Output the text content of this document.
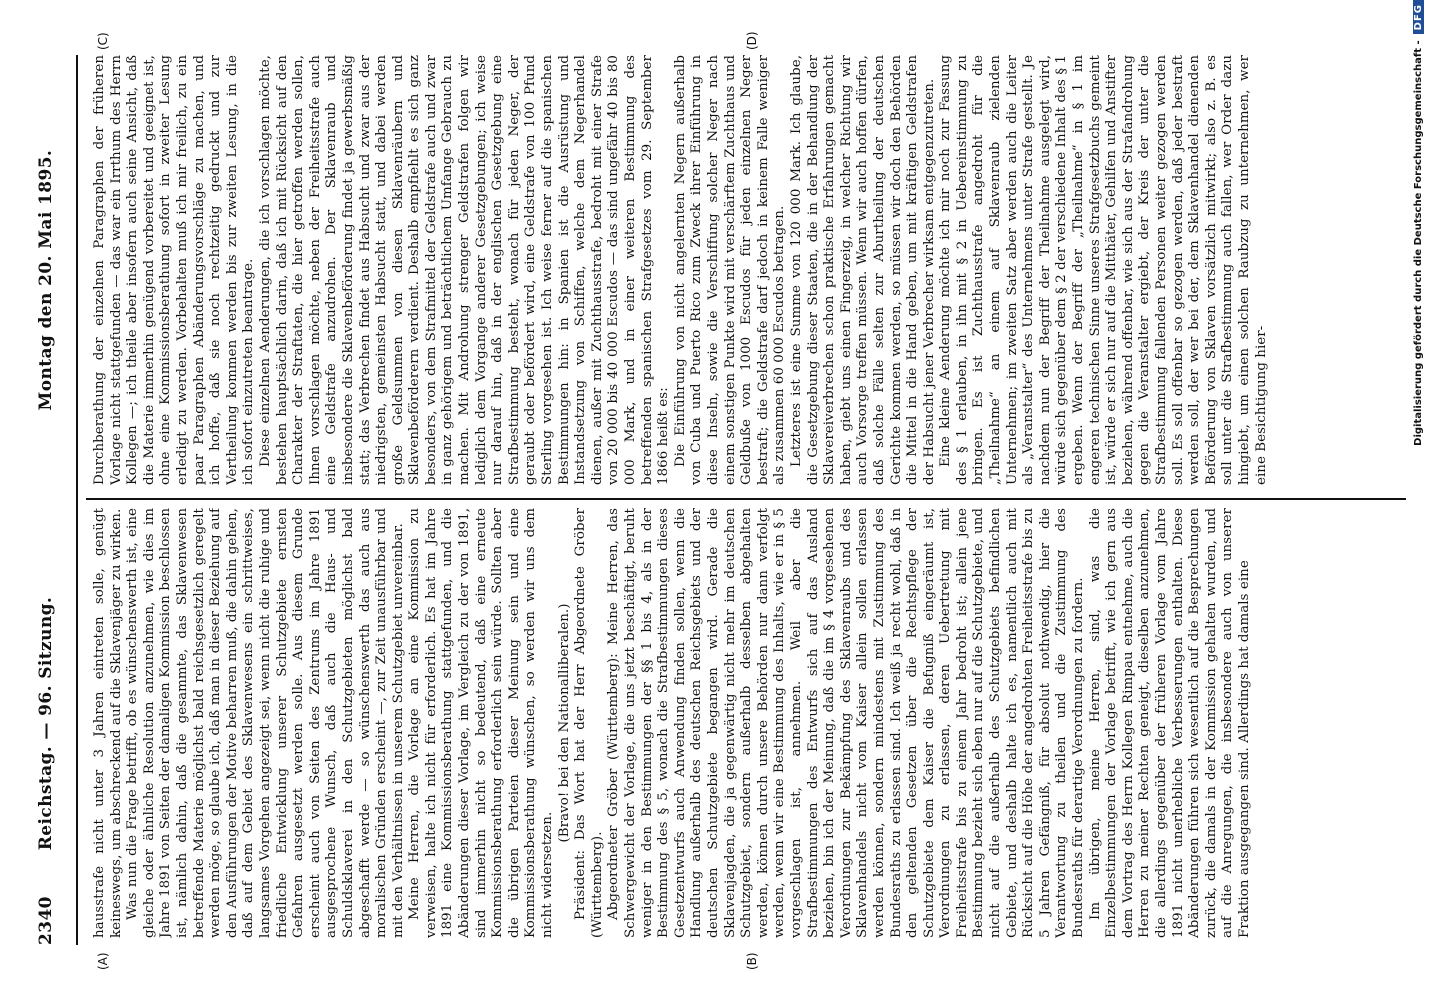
2340
Reichstag. — 96. Sitzung. Montag den 20. Mai 1895.
(A)	(B)
(C)	(D)

hausstrafe nicht unter 3 Jahren eintreten solle, genügt keineswegs, um abschreckend auf die Sklavenjäger zu wirken. Was nun die Frage betrifft, ob es wünschenswerth ist, eine gleiche oder ähnliche Resolution anzunehmen, wie dies im Jahre 1891 von Seiten der damaligen Kommission beschlossen ist, nämlich dahin, daß die gesammte, das Sklavenwesen betreffende Materie möglichst bald reichsgesetzlich geregelt werden möge, so glaube ich, daß man in dieser Beziehung auf den Ausführungen der Motive beharren muß, die dahin gehen, daß auf dem Gebiet des Sklavenwesens ein schrittweises, langsames Vorgehen angezeigt sei, wenn nicht die ruhige und friedliche Entwicklung unserer Schutzgebiete ernsten Gefahren ausgesetzt werden solle. Aus diesem Grunde erscheint auch von Seiten des Zentrums im Jahre 1891 ausgesprochene Wunsch, daß auch die Haus- und Schuldsklaverei in den Schutzgebieten möglichst bald abgeschafft werde — so wünschenswerth das auch aus moralischen Gründen erscheint —, zur Zeit unausführbar und mit den Verhältnissen in unserem Schutzgebiet unvereinbar. Meine Herren, die Vorlage an eine Kommission zu verweisen, halte ich nicht für erforderlich. Es hat im Jahre 1891 eine Kommissionsberathung stattgefunden, und die Abänderungen dieser Vorlage, im Vergleich zu der von 1891, sind immerhin nicht so bedeutend, daß eine erneute Kommissionsberathung erforderlich sein würde. Sollten aber die übrigen Parteien dieser Meinung sein und eine Kommissionsberathung wünschen, so werden wir uns dem nicht widersetzen.

(Bravo! bei den Nationalliberalen.) Präsident: Das Wort hat der Herr Abgeordnete Gröber (Württemberg). Abgeordneter Gröber (Württemberg): Meine Herren, das Schwergewicht der Vorlage, die uns jetzt beschäftigt, beruht weniger in den Bestimmungen der §§ 1 bis 4, als in der Bestimmung des § 5, wonach die Strafbestimmungen dieses Gesetzentwurfs auch Anwendung finden sollen, wenn die Handlung außerhalb des deutschen Reichsgebiets und der deutschen Schutzgebiete begangen wird. Gerade die Sklavenjagden, die ja gegenwärtig nicht mehr im deutschen Schutzgebiet, sondern außerhalb desselben abgehalten werden, können durch unsere Behörden nur dann verfolgt werden, wenn wir eine Bestimmung des Inhalts, wie er in § 5 vorgeschlagen ist, annehmen. Weil aber die Strafbestimmungen des Entwurfs sich auf das Ausland beziehen, bin ich der Meinung, daß die im § 4 vorgesehenen Verordnungen zur Bekämpfung des Sklavenraubs und des Sklavenhandels nicht vom Kaiser allein sollen erlassen werden können, sondern mindestens mit Zustimmung des Bundesraths zu erlassen sind. Ich weiß ja recht wohl, daß in den geltenden Gesetzen über die Rechtspflege der Schutzgebiete dem Kaiser die Befugniß eingeräumt ist, Verordnungen zu erlassen, deren Uebertretung mit Freiheitsstrafe bis zu einem Jahr bedroht ist; allein jene Bestimmung bezieht sich eben nur auf die Schutzgebiete, und nicht auf die außerhalb des Schutzgebiets befindlichen Gebiete, und deshalb halte ich es, namentlich auch mit Rücksicht auf die Höhe der angedrohten Freiheitsstrafe bis zu 5 Jahren Gefängniß, für absolut nothwendig, hier die Verantwortung zu theilen und die Zustimmung des Bundesraths für derartige Verordnungen zu fordern. Im übrigen, meine Herren, sind, was die Einzelbestimmungen der Vorlage betrifft, wie ich gern aus dem Vortrag des Herrn Kollegen Rimpau entnehme, auch die Herren zu meiner Rechten geneigt, dieselben anzunehmen, die allerdings gegenüber der früheren Vorlage vom Jahre 1891 nicht unerhebliche Verbesserungen enthalten. Diese Abänderungen führen sich wesentlich auf die Besprechungen zurück, die damals in der Kommission gehalten wurden, und auf die Anregungen, die insbesondere auch von unserer Fraktion ausgegangen sind. Allerdings hat damals eine

Durchberathung der einzelnen Paragraphen der früheren Vorlage nicht stattgefunden — das war ein Irrthum des Herrn Kollegen —; ich theile aber insofern auch seine Ansicht, daß die Materie immerhin genügend vorbereitet und geeignet ist, ohne eine Kommissionsberathung sofort in zweiter Lesung erledigt zu werden. Vorbehalten muß ich mir freilich, zu ein paar Paragraphen Abänderungsvorschläge zu machen, und ich hoffe, daß sie noch rechtzeitig gedruckt und zur Vertheilung kommen werden bis zur zweiten Lesung, in die ich sofort einzutreten beantrage. Diese einzelnen Aenderungen, die ich vorschlagen möchte, bestehen hauptsächlich darin, daß ich mit Rücksicht auf den Charakter der Straftaten, die hier getroffen werden sollen, Ihnen vorschlagen möchte, neben der Freiheitsstrafe auch eine Geldstrafe anzudrohen. Der Sklavenraub und insbesondere die Sklavenbeförderung findet ja gewerbsmäßig statt; das Verbrechen findet aus Habsucht und zwar aus der niedrigsten, gemeinsten Habsucht statt, und dabei werden große Geldsummen von diesen Sklavenräubern und Sklavenbeförderern verdient. Deshalb empfiehlt es sich ganz besonders, von dem Strafmittel der Geldstrafe auch und zwar in ganz gehörigem und beträchtlichem Umfange Gebrauch zu machen. Mit Androhung strenger Geldstrafen folgen wir lediglich dem Vorgange anderer Gesetzgebungen; ich weise nur darauf hin, daß in der englischen Gesetzgebung eine Strafbestimmung besteht, wonach für jeden Neger, der geraubt oder befördert wird, eine Geldstrafe von 100 Pfund Sterling vorgesehen ist. Ich weise ferner auf die spanischen Bestimmungen hin: in Spanien ist die Ausrüstung und Instandsetzung von Schiffen, welche dem Negerhandel dienen, außer mit Zuchthausstrafe, bedroht mit einer Strafe von 20 000 bis 40 000 Escudos — das sind ungefähr 40 bis 80 000 Mark, und in einer weiteren Bestimmung des betreffenden spanischen Strafgesetzes vom 29. September 1866 heißt es: Die Einführung von nicht angelernten Negern außerhalb von Cuba und Puerto Rico zum Zweck ihrer Einführung in diese Inseln, sowie die Verschiffung solcher Neger nach einem sonstigen Punkte wird mit verschärftem Zuchthaus und Geldbuße von 1000 Escudos für jeden einzelnen Neger bestraft; die Geldstrafe darf jedoch in keinem Falle weniger als zusammen 60 000 Escudos betragen. Letzteres ist eine Summe von 120 000 Mark. Ich glaube, die Gesetzgebung dieser Staaten, die in der Behandlung der Sklavereiverbrechen schon praktische Erfahrungen gemacht haben, giebt uns einen Fingerzeig, in welcher Richtung wir auch Vorsorge treffen müssen. Wenn wir auch hoffen dürfen, daß solche Fälle selten zur Aburtheilung der deutschen Gerichte kommen werden, so müssen wir doch den Behörden die Mittel in die Hand geben, um mit kräftigen Geldstrafen der Habsucht jener Verbrecher wirksam entgegenzutreten. Eine kleine Aenderung möchte ich mir noch zur Fassung des § 1 erlauben, in ihn mit § 2 in Uebereinstimmung zu bringen. Es ist Zuchthausstrafe angedroht für die „Theilnahme“ an einem auf Sklavenraub zielenden Unternehmen; im zweiten Satz aber werden auch die Leiter als „Veranstalter“ des Unternehmens unter Strafe gestellt. Je nachdem nun der Begriff der Theilnahme ausgelegt wird, würde sich gegenüber dem § 2 der verschiedene Inhalt des § 1 ergeben. Wenn der Begriff der „Theilnahme“ in § 1 im engeren technischen Sinne unseres Strafgesetzbuchs gemeint ist, würde er sich nur auf die Mitthäter, Gehilfen und Anstifter beziehen, während offenbar, wie sich aus der Strafandrohung gegen die Veranstalter ergiebt, der Kreis der unter die Strafbestimmung fallenden Personen weiter gezogen werden soll. Es soll offenbar so gezogen werden, daß jeder bestraft werden soll, der wer bei der, dem Sklavenhandel dienenden Beförderung von Sklaven vorsätzlich mitwirkt; also z. B. es soll unter die Strafbestimmung auch fallen, wer Order dazu hingiebt, um einen solchen Raubzug zu unternehmen, wer eine Besichtigung hier-	Digitalisierung gefördert durch die Deutsche Forschungsgemeinschaft -
DFG
